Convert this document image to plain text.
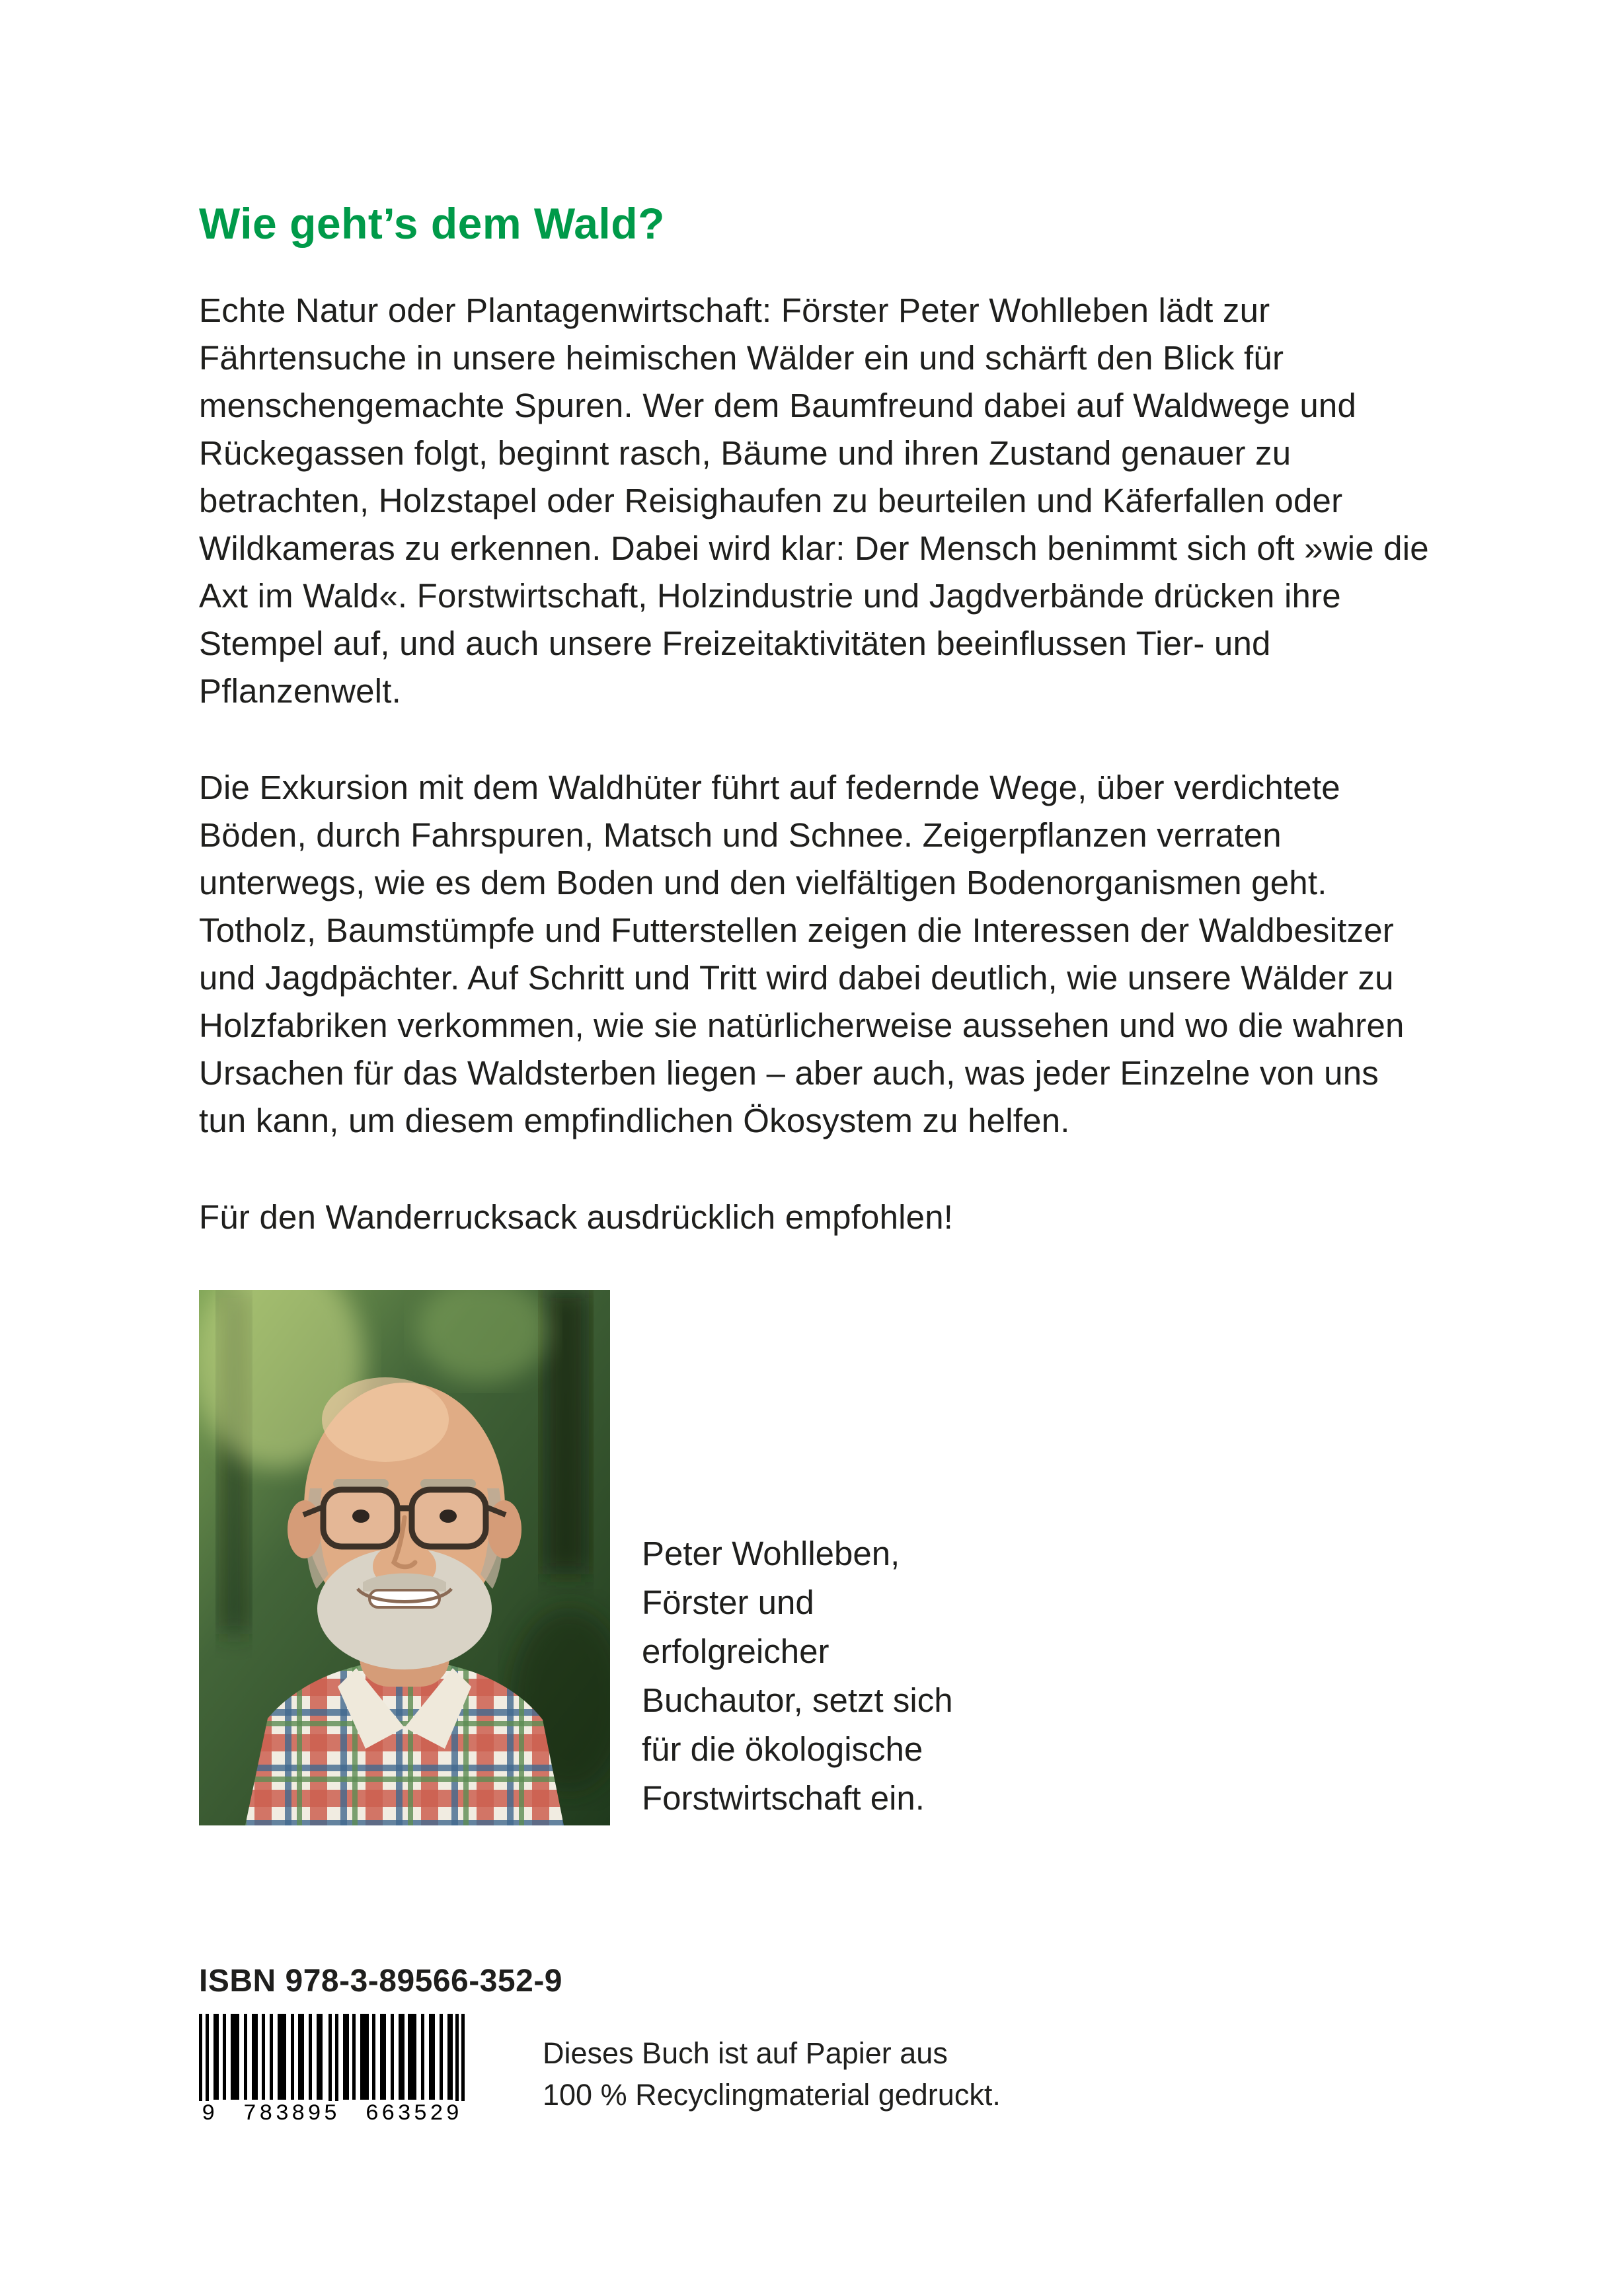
Wie geht’s dem Wald?

Echte Natur oder Plantagenwirtschaft: Förster Peter Wohlleben lädt zur Fährtensuche in unsere heimischen Wälder ein und schärft den Blick für menschengemachte Spuren. Wer dem Baumfreund dabei auf Waldwege und Rückegassen folgt, beginnt rasch, Bäume und ihren Zustand genauer zu betrachten, Holzstapel oder Reisighaufen zu beurteilen und Käferfallen oder Wildkameras zu erkennen. Dabei wird klar: Der Mensch benimmt sich oft »wie die Axt im Wald«. Forstwirtschaft, Holzindustrie und Jagdverbände drücken ihre Stempel auf, und auch unsere Freizeitaktivitäten beeinflussen Tier- und Pflanzenwelt.

Die Exkursion mit dem Waldhüter führt auf federnde Wege, über verdichtete Böden, durch Fahrspuren, Matsch und Schnee. Zeigerpflanzen verraten unterwegs, wie es dem Boden und den vielfältigen Bodenorganismen geht. Totholz, Baumstümpfe und Futterstellen zeigen die Interessen der Waldbesitzer und Jagdpächter. Auf Schritt und Tritt wird dabei deutlich, wie unsere Wälder zu Holzfabriken verkommen, wie sie natürlicherweise aussehen und wo die wahren Ursachen für das Waldsterben liegen – aber auch, was jeder Einzelne von uns tun kann, um diesem empfindlichen Ökosystem zu helfen.

Für den Wanderrucksack ausdrücklich empfohlen!

Peter Wohlleben,
Förster und
erfolgreicher
Buchautor, setzt sich
für die ökologische
Forstwirtschaft ein.
ISBN 978-3-89566-352-9
9 783895 663529
Dieses Buch ist auf Papier aus
100 % Recyclingmaterial gedruckt.
